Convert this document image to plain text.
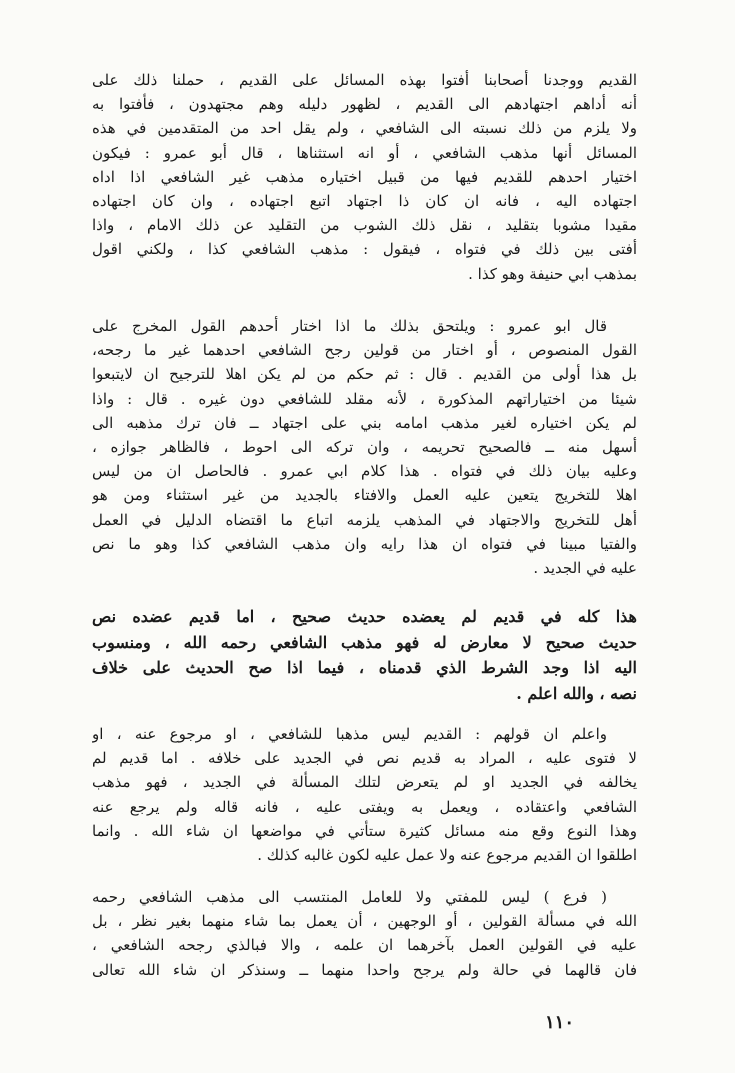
القديم ووجدنا أصحابنا أفتوا بهذه المسائل على القديم ، حملنا ذلك على
أنه أداهم اجتهادهم الى القديم ، لظهور دليله وهم مجتهدون ، فأفتوا به
ولا يلزم من ذلك نسبته الى الشافعي ، ولم يقل احد من المتقدمين في هذه
المسائل أنها مذهب الشافعي ، أو انه استثناها ، قال أبو عمرو : فيكون
اختيار احدهم للقديم فيها من قبيل اختياره مذهب غير الشافعي اذا اداه
اجتهاده اليه ، فانه ان كان ذا اجتهاد اتبع اجتهاده ، وان كان اجتهاده
مقيدا مشوبا بتقليد ، نقل ذلك الشوب من التقليد عن ذلك الامام ، واذا
أفتى بين ذلك في فتواه ، فيقول : مذهب الشافعي كذا ، ولكني اقول
بمذهب ابي حنيفة وهو كذا .
قال ابو عمرو : ويلتحق بذلك ما اذا اختار أحدهم القول المخرج على
القول المنصوص ، أو اختار من قولين رجح الشافعي احدهما غير ما رجحه،
بل هذا أولى من القديم . قال : ثم حكم من لم يكن اهلا للترجيح ان لايتبعوا
شيئا من اختياراتهم المذكورة ، لأنه مقلد للشافعي دون غيره . قال : واذا
لم يكن اختياره لغير مذهب امامه بني على اجتهاد ــ فان ترك مذهبه الى
أسهل منه ــ فالصحيح تحريمه ، وان تركه الى احوط ، فالظاهر جوازه ،
وعليه بيان ذلك في فتواه . هذا كلام ابي عمرو . فالحاصل ان من ليس
اهلا للتخريج يتعين عليه العمل والافتاء بالجديد من غير استثناء ومن هو
أهل للتخريج والاجتهاد في المذهب يلزمه اتباع ما اقتضاه الدليل في العمل
والفتيا مبينا في فتواه ان هذا رايه وان مذهب الشافعي كذا وهو ما نص
عليه في الجديد .
هذا كله في قديم لم يعضده حديث صحيح ، اما قديم عضده نص
حديث صحيح لا معارض له فهو مذهب الشافعي رحمه الله ، ومنسوب
اليه اذا وجد الشرط الذي قدمناه ، فيما اذا صح الحديث على خلاف
نصه ، والله اعلم .
واعلم ان قولهم : القديم ليس مذهبا للشافعي ، او مرجوع عنه ، او
لا فتوى عليه ، المراد به قديم نص في الجديد على خلافه . اما قديم لم
يخالفه في الجديد او لم يتعرض لتلك المسألة في الجديد ، فهو مذهب
الشافعي واعتقاده ، ويعمل به ويفتى عليه ، فانه قاله ولم يرجع عنه
وهذا النوع وقع منه مسائل كثيرة ستأتي في مواضعها ان شاء الله . وانما
اطلقوا ان القديم مرجوع عنه ولا عمل عليه لكون غالبه كذلك .
( فرع ) ليس للمفتي ولا للعامل المنتسب الى مذهب الشافعي رحمه
الله في مسألة القولين ، أو الوجهين ، أن يعمل بما شاء منهما بغير نظر ، بل
عليه في القولين العمل بآخرهما ان علمه ، والا فبالذي رجحه الشافعي ،
فان قالهما في حالة ولم يرجح واحدا منهما ــ وسنذكر ان شاء الله تعالى
١١٠
